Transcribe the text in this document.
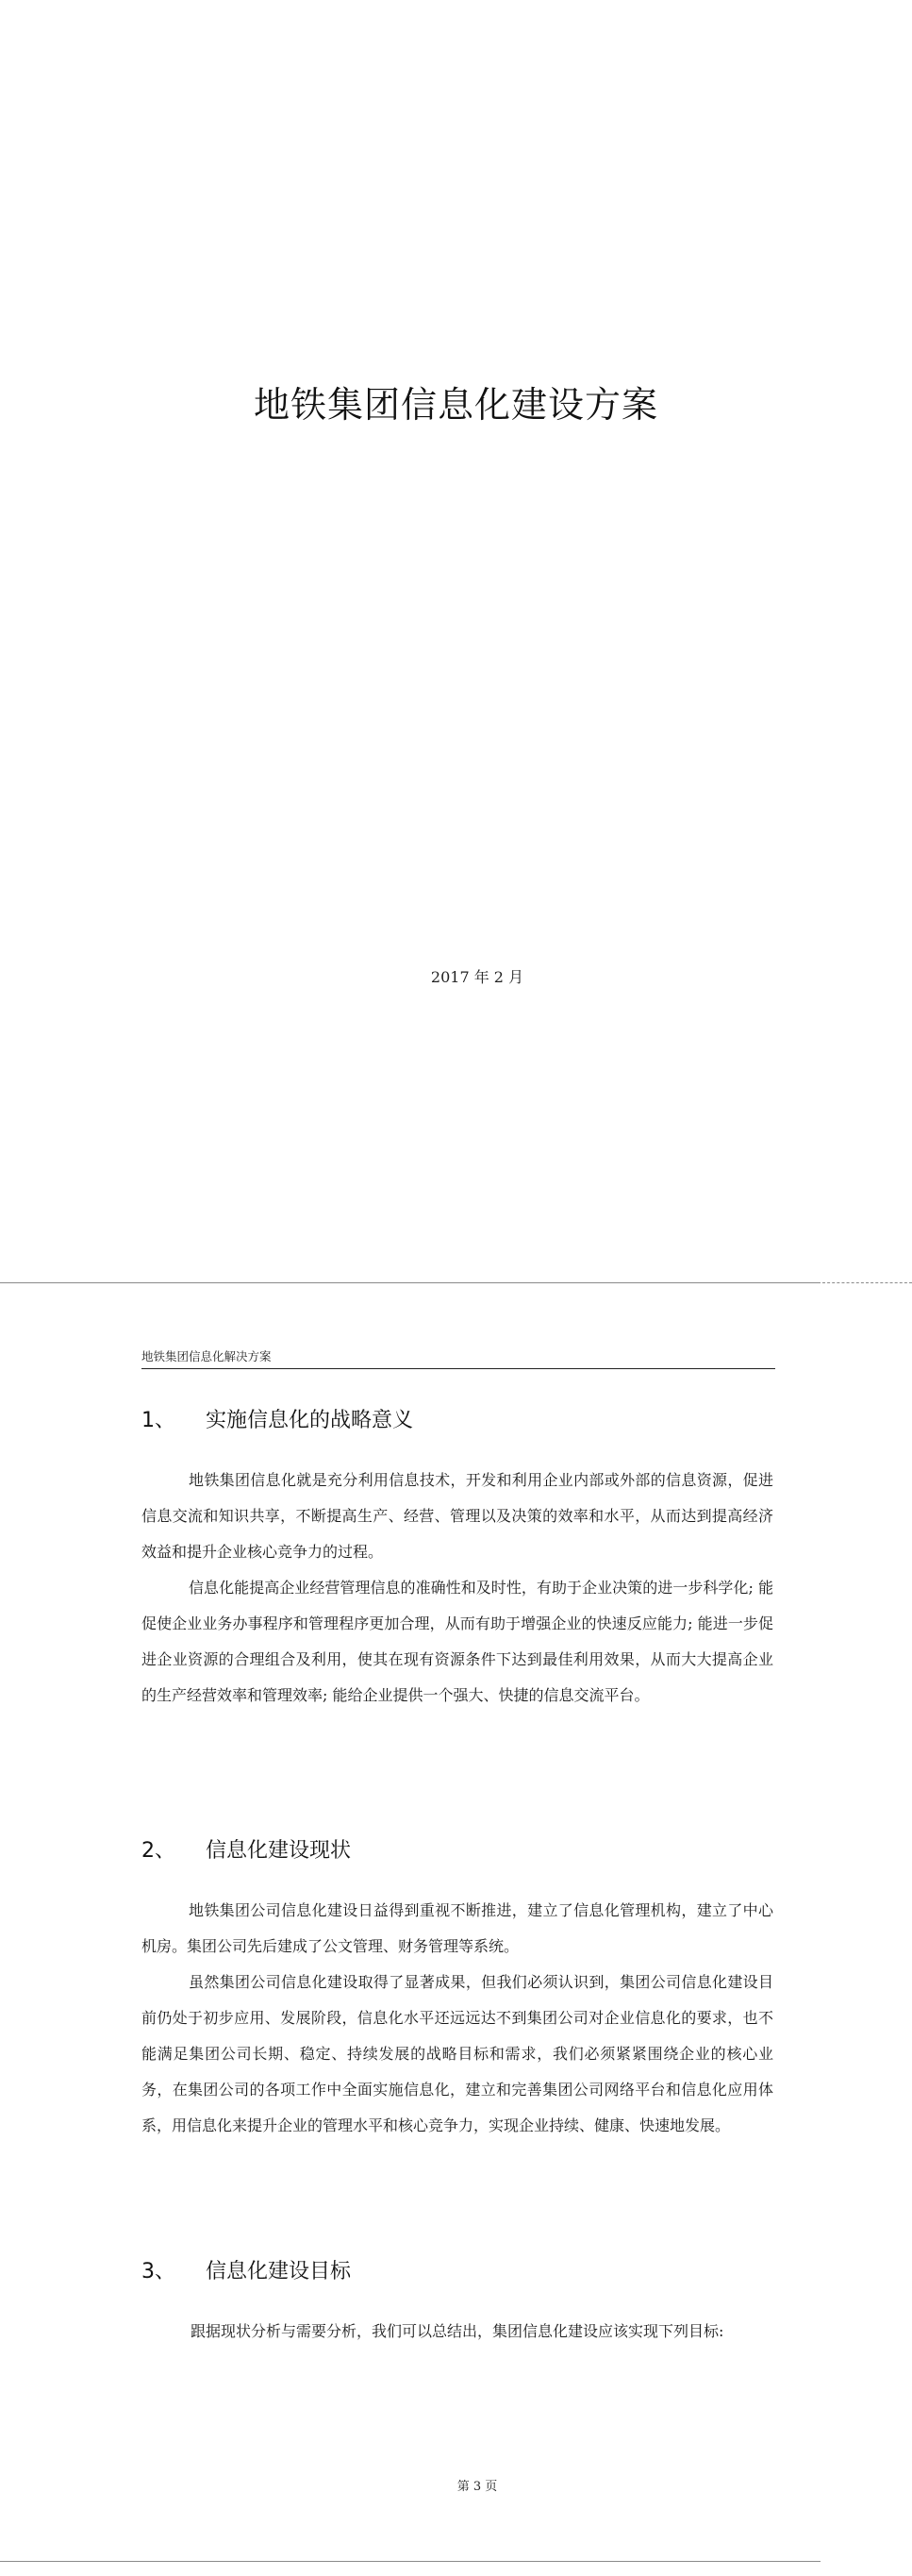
地铁集团信息化建设方案
2017 年 2 月
地铁集团信息化解决方案
1、 实施信息化的战略意义

地铁集团信息化就是充分利用信息技术，开发和利用企业内部或外部的信息资源，促进信息交流和知识共享，不断提高生产、经营、管理以及决策的效率和水平，从而达到提高经济效益和提升企业核心竞争力的过程。

信息化能提高企业经营管理信息的准确性和及时性，有助于企业决策的进一步科学化; 能促使企业业务办事程序和管理程序更加合理，从而有助于增强企业的快速反应能力; 能进一步促进企业资源的合理组合及利用，使其在现有资源条件下达到最佳利用效果，从而大大提高企业的生产经营效率和管理效率; 能给企业提供一个强大、快捷的信息交流平台。

2、 信息化建设现状

地铁集团公司信息化建设日益得到重视不断推进，建立了信息化管理机构，建立了中心机房。集团公司先后建成了公文管理、财务管理等系统。

虽然集团公司信息化建设取得了显著成果，但我们必须认识到，集团公司信息化建设目前仍处于初步应用、发展阶段，信息化水平还远远达不到集团公司对企业信息化的要求，也不能满足集团公司长期、稳定、持续发展的战略目标和需求，我们必须紧紧围绕企业的核心业务，在集团公司的各项工作中全面实施信息化，建立和完善集团公司网络平台和信息化应用体系，用信息化来提升企业的管理水平和核心竞争力，实现企业持续、健康、快速地发展。

3、 信息化建设目标

跟据现状分析与需要分析，我们可以总结出，集团信息化建设应该实现下列目标:

第 3 页
